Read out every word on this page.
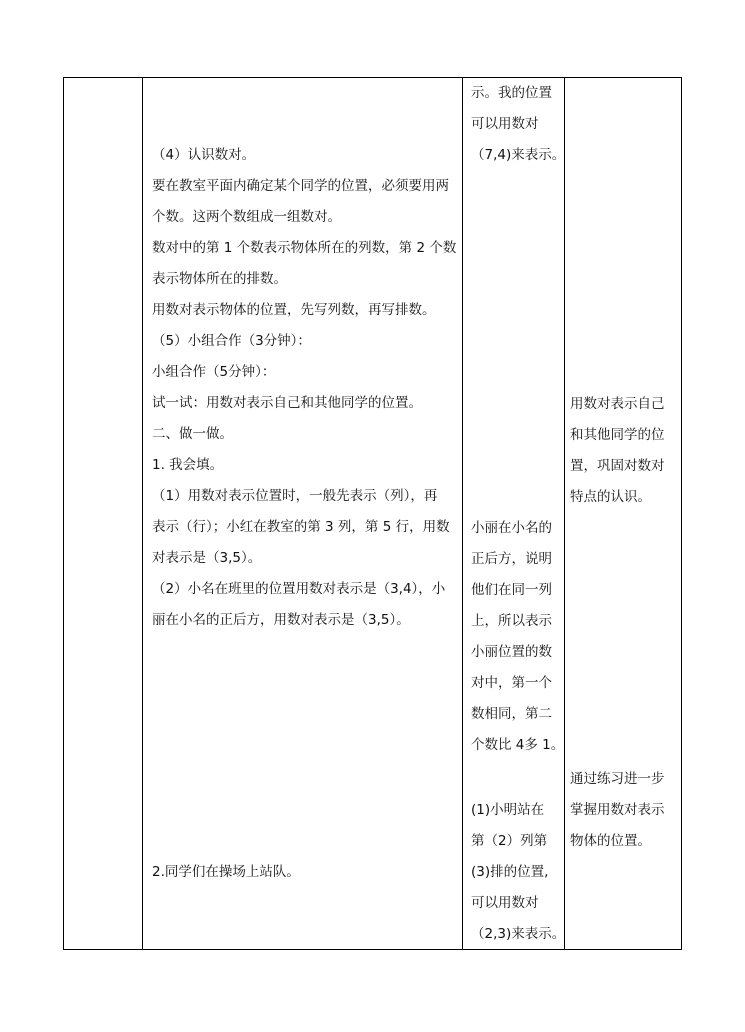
（4）认识数对。
要在教室平面内确定某个同学的位置，必须要用两
个数。这两个数组成一组数对。
数对中的第 1 个数表示物体所在的列数，第 2 个数
表示物体所在的排数。
用数对表示物体的位置，先写列数，再写排数。
（5）小组合作（3分钟）：
小组合作（5分钟）：
试一试：用数对表示自己和其他同学的位置。
二、做一做。
1. 我会填。
（1）用数对表示位置时，一般先表示（列），再
表示（行）；小红在教室的第 3 列，第 5 行，用数
对表示是（3,5）。
（2）小名在班里的位置用数对表示是（3,4），小
丽在小名的正后方，用数对表示是（3,5）。
2.同学们在操场上站队。
示。我的位置
可以用数对
（7,4)来表示。
小丽在小名的
正后方，说明
他们在同一列
上，所以表示
小丽位置的数
对中，第一个
数相同，第二
个数比 4多 1。
(1)小明站在
第（2）列第
(3)排的位置,
可以用数对
（2,3)来表示。
用数对表示自己
和其他同学的位
置，巩固对数对
特点的认识。
通过练习进一步
掌握用数对表示
物体的位置。
